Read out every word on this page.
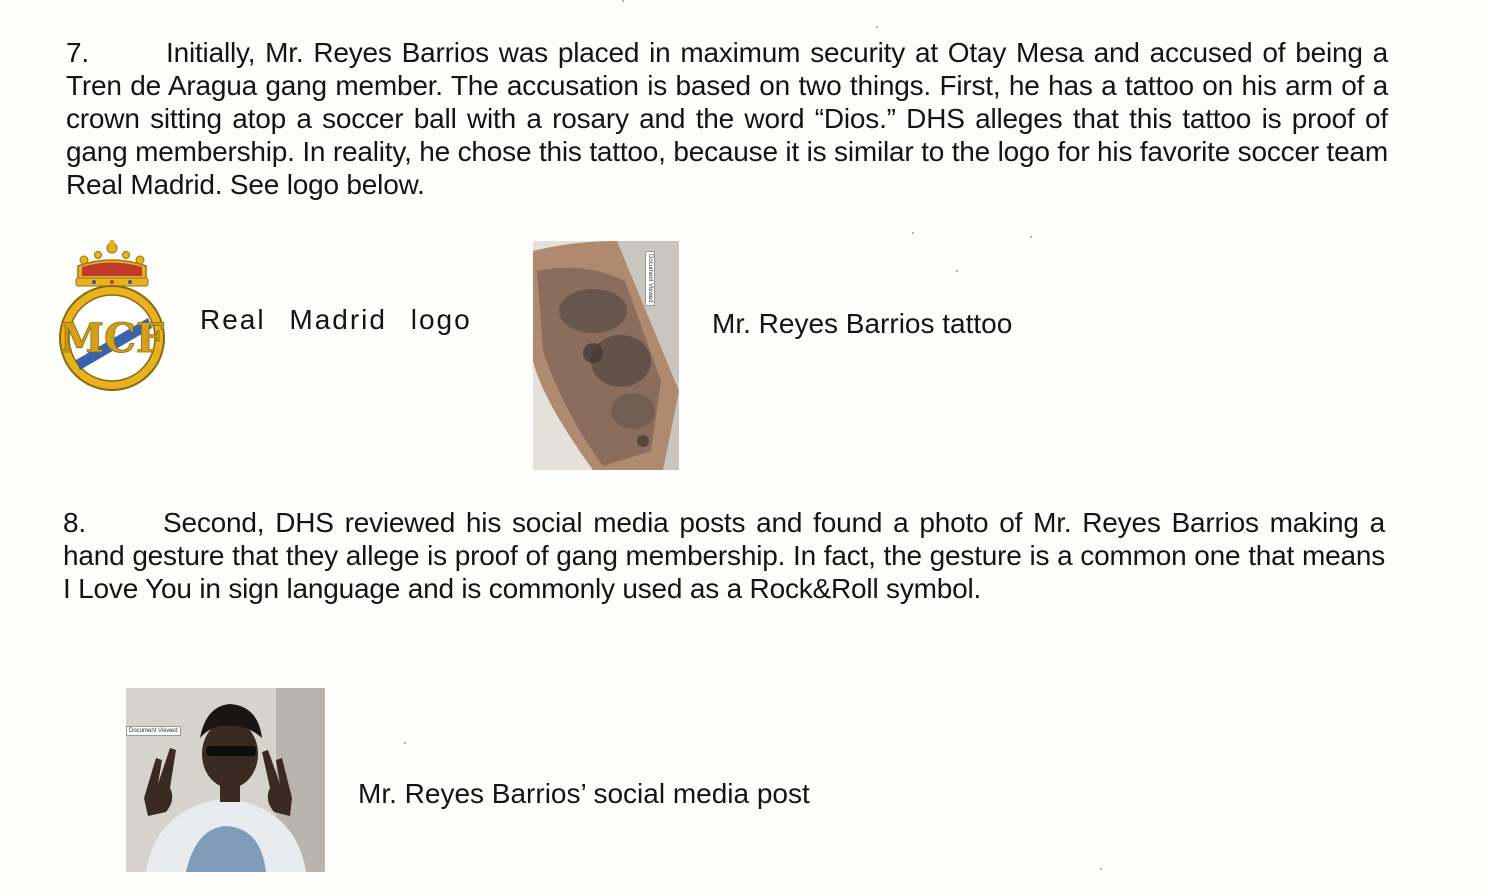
7.	Initially, Mr. Reyes Barrios was placed in maximum security at Otay Mesa and accused of being a Tren de Aragua gang member. The accusation is based on two things. First, he has a tattoo on his arm of a crown sitting atop a soccer ball with a rosary and the word “Dios.” DHS alleges that this tattoo is proof of gang membership. In reality, he chose this tattoo, because it is similar to the logo for his favorite soccer team Real Madrid. See logo below.

MCF Real Madrid logo

Document Viewed

Mr. Reyes Barrios tattoo

8.	Second, DHS reviewed his social media posts and found a photo of Mr. Reyes Barrios making a hand gesture that they allege is proof of gang membership. In fact, the gesture is a common one that means I Love You in sign language and is commonly used as a Rock&Roll symbol.

Document Viewed

Mr. Reyes Barrios’ social media post
